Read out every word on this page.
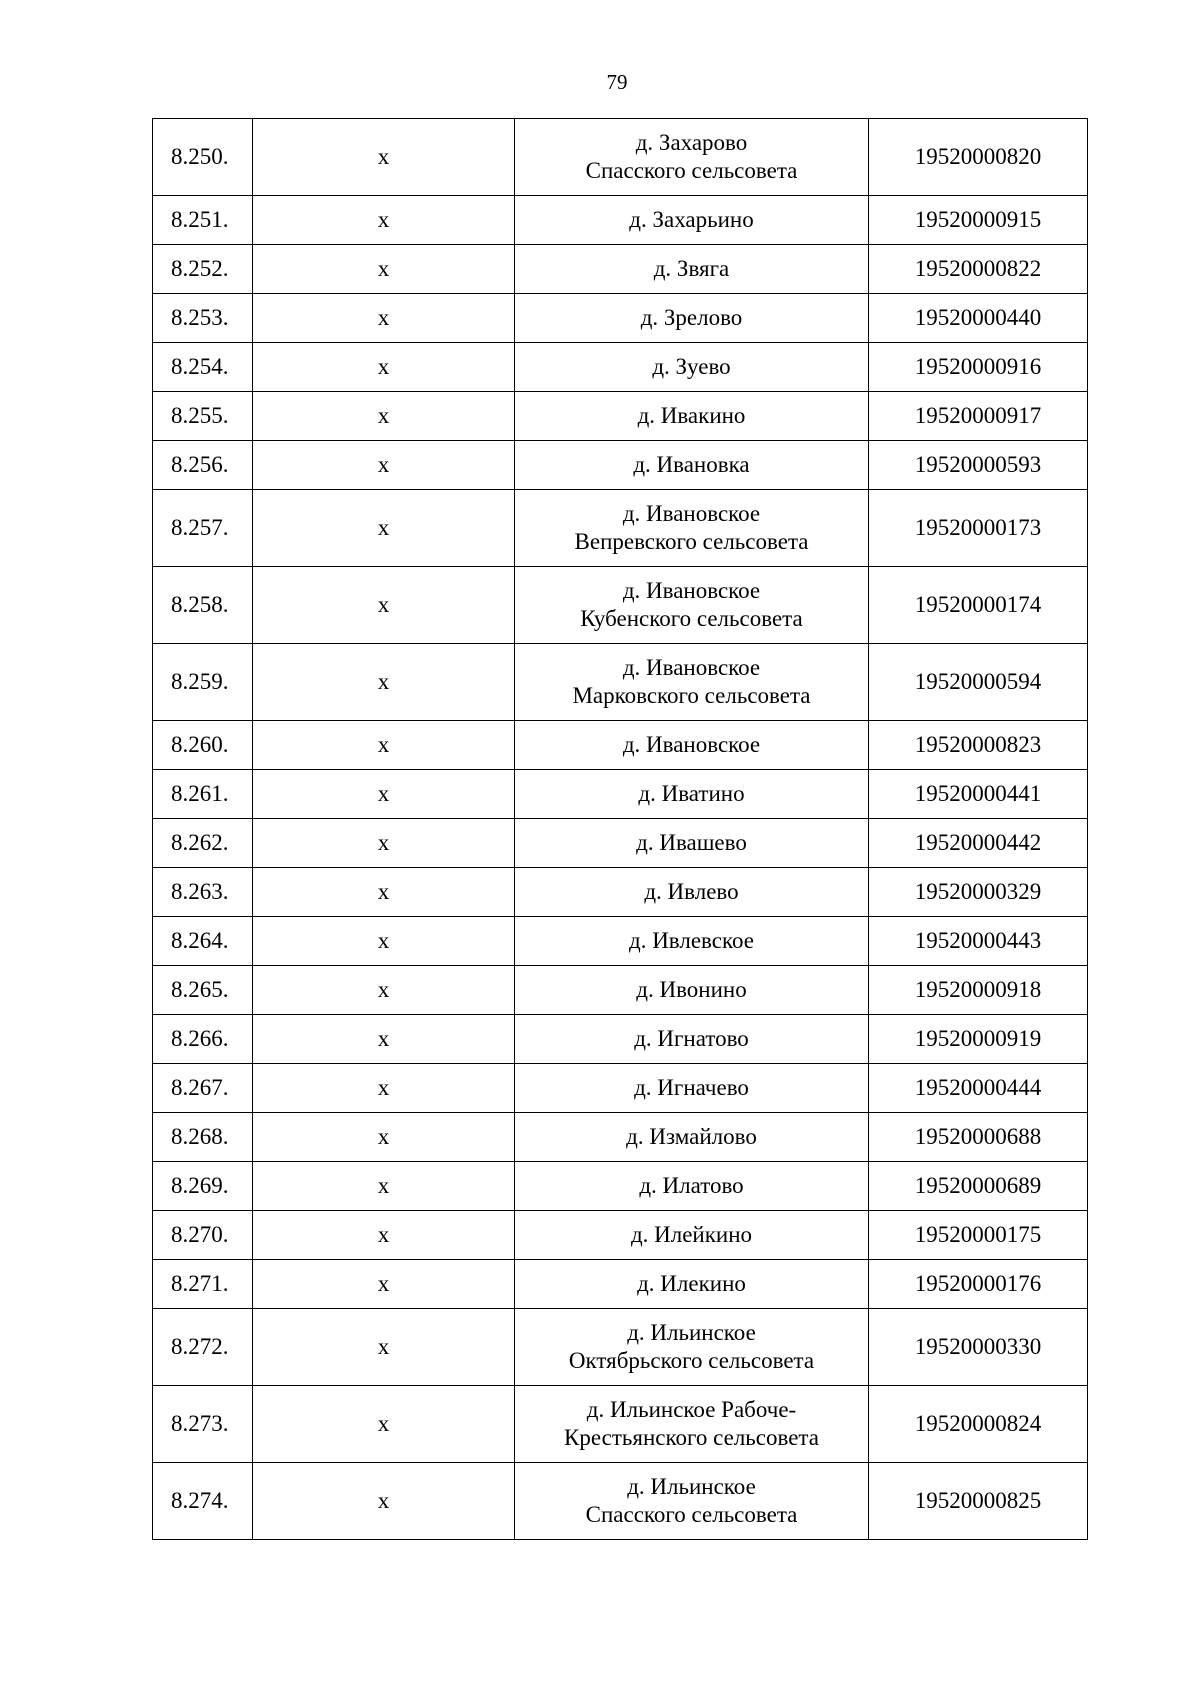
79
8.250.	х	д. Захарово
Спасского сельсовета	19520000820
8.251.	х	д. Захарьино	19520000915
8.252.	х	д. Звяга	19520000822
8.253.	х	д. Зрелово	19520000440
8.254.	х	д. Зуево	19520000916
8.255.	х	д. Ивакино	19520000917
8.256.	х	д. Ивановка	19520000593
8.257.	х	д. Ивановское
Вепревского сельсовета	19520000173
8.258.	х	д. Ивановское
Кубенского сельсовета	19520000174
8.259.	х	д. Ивановское
Марковского сельсовета	19520000594
8.260.	х	д. Ивановское	19520000823
8.261.	х	д. Иватино	19520000441
8.262.	х	д. Ивашево	19520000442
8.263.	х	д. Ивлево	19520000329
8.264.	х	д. Ивлевское	19520000443
8.265.	х	д. Ивонино	19520000918
8.266.	х	д. Игнатово	19520000919
8.267.	х	д. Игначево	19520000444
8.268.	х	д. Измайлово	19520000688
8.269.	х	д. Илатово	19520000689
8.270.	х	д. Илейкино	19520000175
8.271.	х	д. Илекино	19520000176
8.272.	х	д. Ильинское
Октябрьского сельсовета	19520000330
8.273.	х	д. Ильинское Рабоче-
Крестьянского сельсовета	19520000824
8.274.	х	д. Ильинское
Спасского сельсовета	19520000825
